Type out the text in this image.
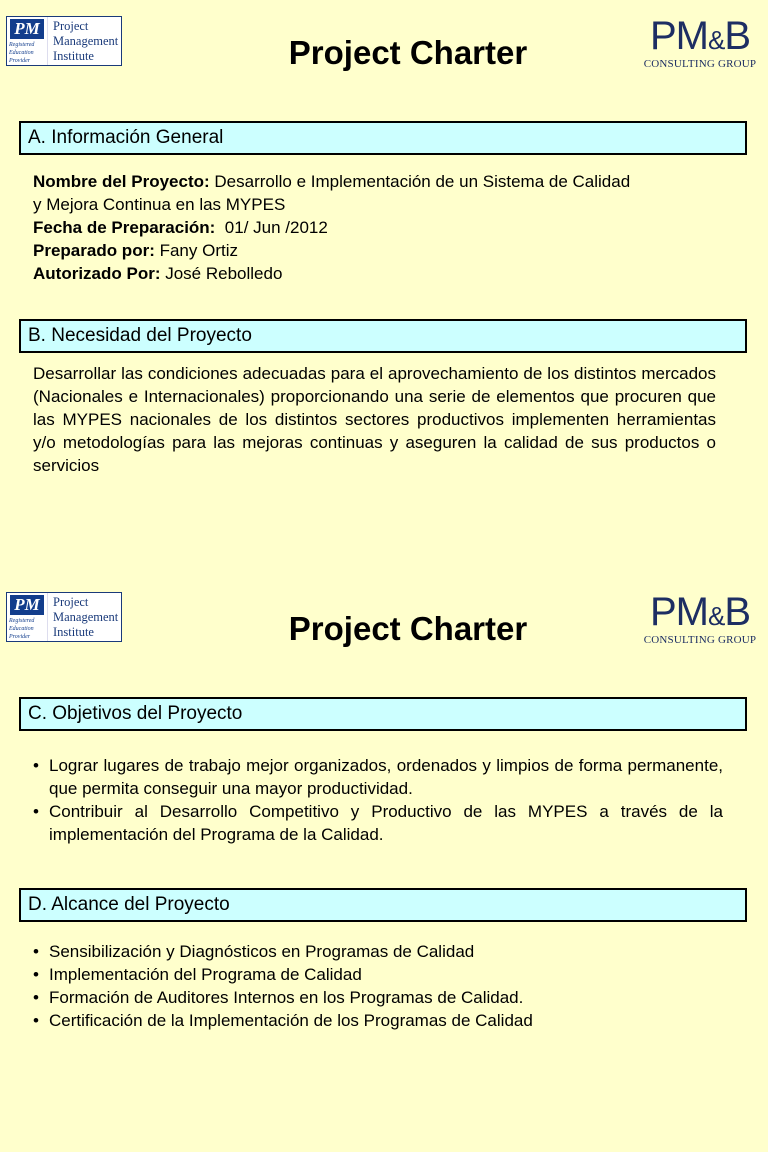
PM
Registered
Education
Provider
Project
Management
Institute	Project Charter	PM&B
CONSULTING GROUP
A. Información General
Nombre del Proyecto: Desarrollo e Implementación de un Sistema de Calidad
y Mejora Continua en las MYPES
Fecha de Preparación:  01/ Jun /2012
Preparado por: Fany Ortiz
Autorizado Por: José Rebolledo
B. Necesidad del Proyecto
Desarrollar las condiciones adecuadas para el aprovechamiento de los distintos mercados (Nacionales e Internacionales) proporcionando una serie de elementos que procuren que las MYPES nacionales de los distintos sectores productivos implementen herramientas y/o metodologías para las mejoras continuas y aseguren la calidad de sus productos o servicios
PM
Registered
Education
Provider
Project
Management
Institute	Project Charter	PM&B
CONSULTING GROUP
C. Objetivos del Proyecto
• Lograr lugares de trabajo mejor organizados, ordenados y limpios de forma permanente, que permita conseguir una mayor productividad.
• Contribuir al Desarrollo Competitivo y Productivo de las MYPES a través de la implementación del Programa de la Calidad.
D. Alcance del Proyecto
• Sensibilización y Diagnósticos en Programas de Calidad
• Implementación del Programa de Calidad
• Formación de Auditores Internos en los Programas de Calidad.
• Certificación de la Implementación de los Programas de Calidad
